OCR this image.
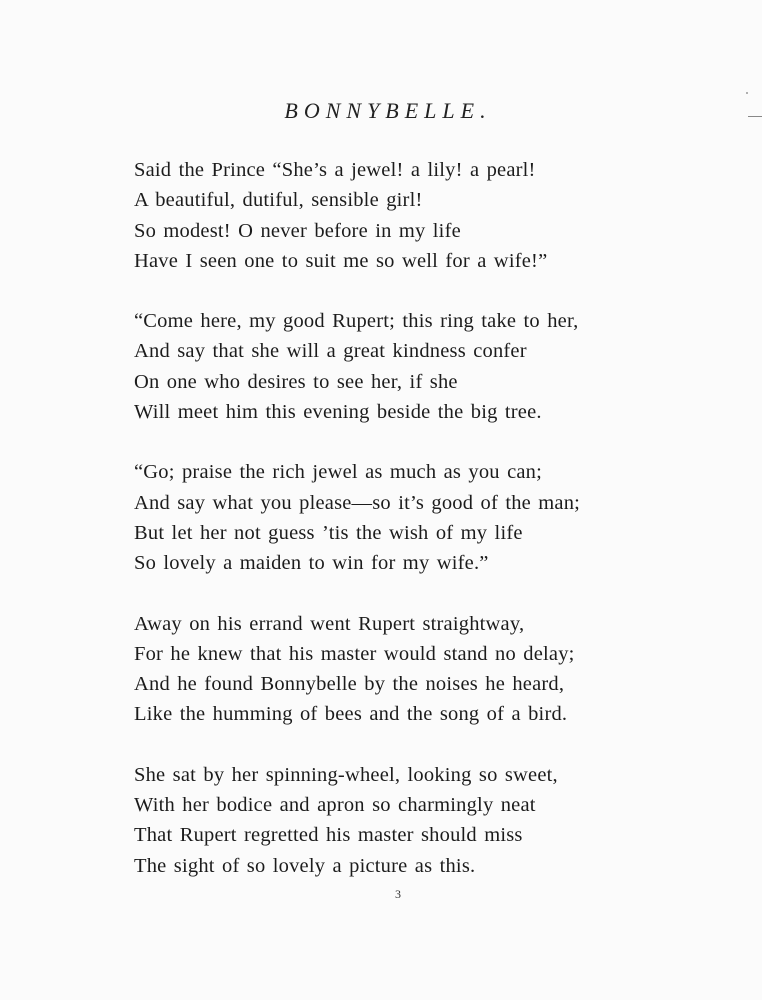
BONNYBELLE.
Said the Prince “She’s a jewel! a lily! a pearl!
A beautiful, dutiful, sensible girl!
So modest! O never before in my life
Have I seen one to suit me so well for a wife!”
“Come here, my good Rupert; this ring take to her,
And say that she will a great kindness confer
On one who desires to see her, if she
Will meet him this evening beside the big tree.
“Go; praise the rich jewel as much as you can;
And say what you please—so it’s good of the man;
But let her not guess ’tis the wish of my life
So lovely a maiden to win for my wife.”
Away on his errand went Rupert straightway,
For he knew that his master would stand no delay;
And he found Bonnybelle by the noises he heard,
Like the humming of bees and the song of a bird.
She sat by her spinning-wheel, looking so sweet,
With her bodice and apron so charmingly neat
That Rupert regretted his master should miss
The sight of so lovely a picture as this.
3
